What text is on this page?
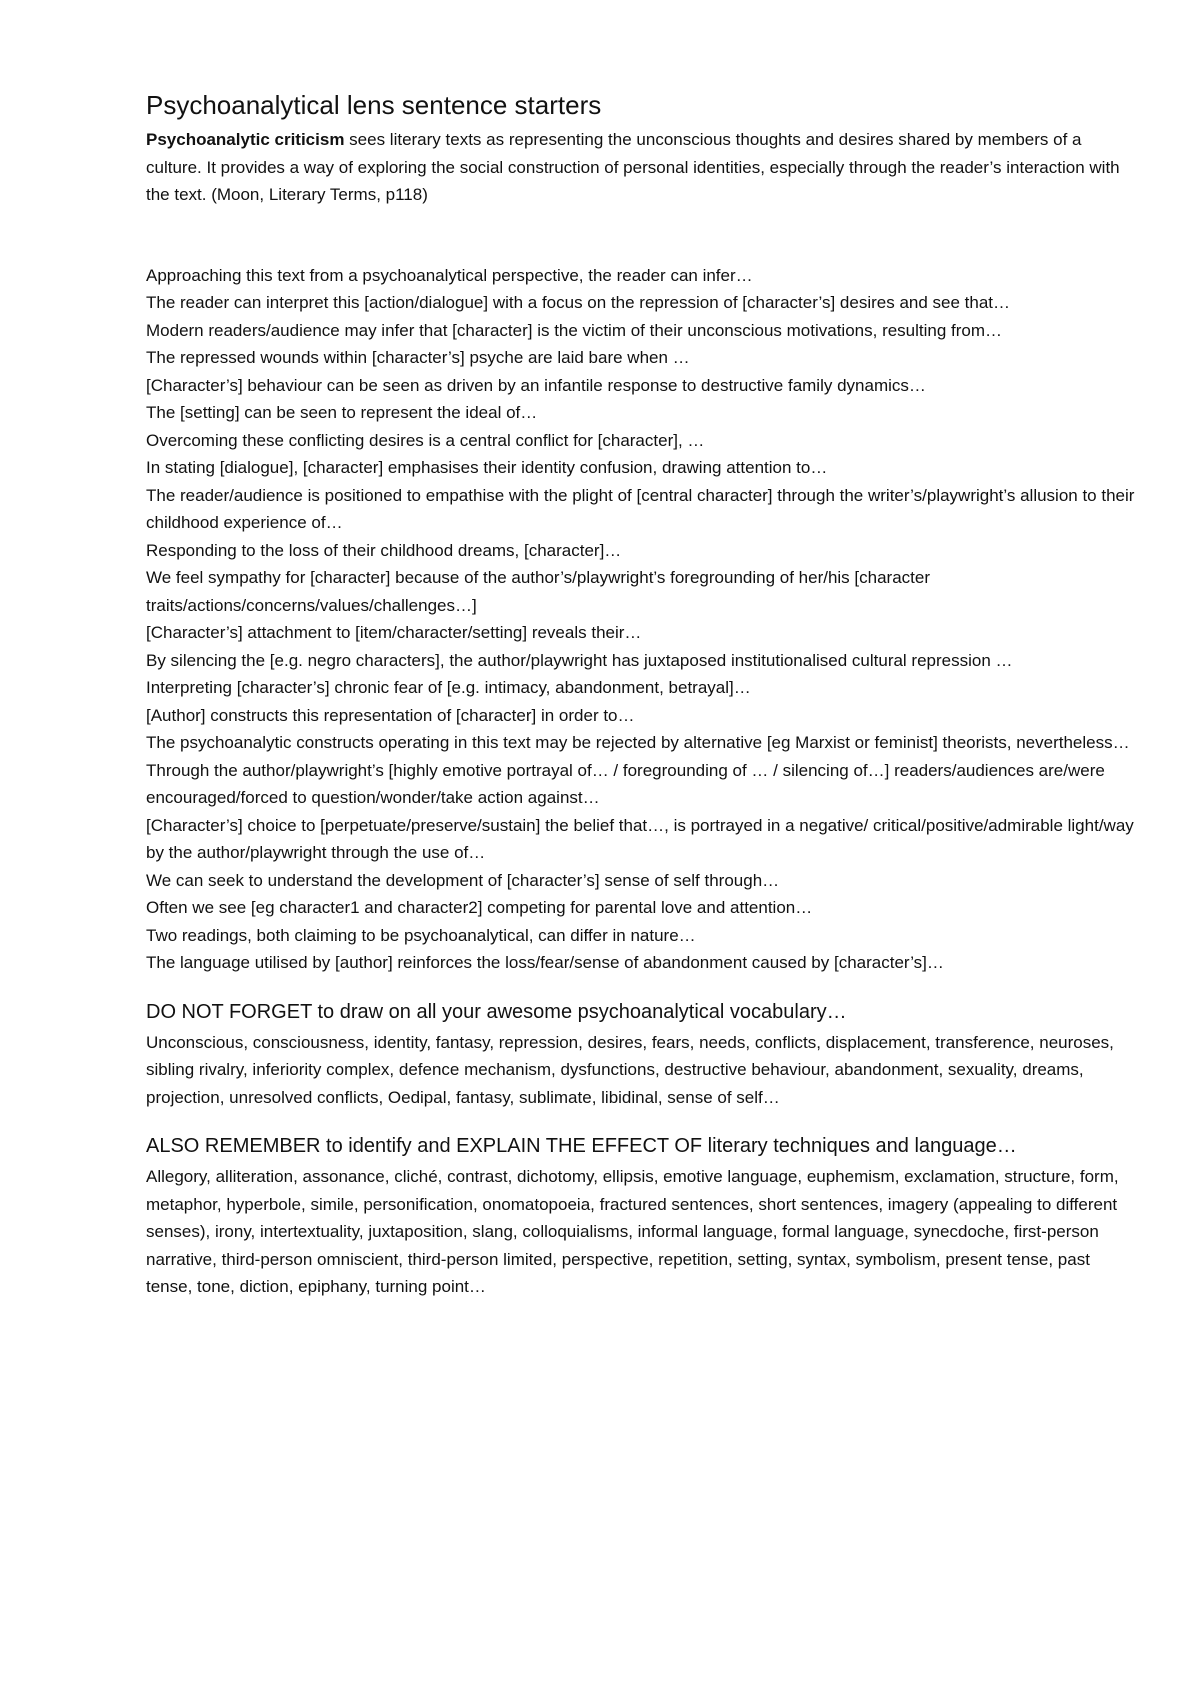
Psychoanalytical lens sentence starters

Psychoanalytic criticism sees literary texts as representing the unconscious thoughts and desires shared by members of a culture. It provides a way of exploring the social construction of personal identities, especially through the reader’s interaction with the text. (Moon, Literary Terms, p118)

Approaching this text from a psychoanalytical perspective, the reader can infer…
The reader can interpret this [action/dialogue] with a focus on the repression of [character’s] desires and see that…
Modern readers/audience may infer that [character] is the victim of their unconscious motivations, resulting from…
The repressed wounds within [character’s] psyche are laid bare when …
[Character’s] behaviour can be seen as driven by an infantile response to destructive family dynamics…
The [setting] can be seen to represent the ideal of…
Overcoming these conflicting desires is a central conflict for [character], …
In stating [dialogue], [character] emphasises their identity confusion, drawing attention to…
The reader/audience is positioned to empathise with the plight of [central character] through the writer’s/playwright’s allusion to their childhood experience of…
Responding to the loss of their childhood dreams, [character]…
We feel sympathy for [character] because of the author’s/playwright’s foregrounding of her/his [character traits/actions/concerns/values/challenges…]
[Character’s] attachment to [item/character/setting] reveals their…
By silencing the [e.g. negro characters], the author/playwright has juxtaposed institutionalised cultural repression …
Interpreting [character’s] chronic fear of [e.g. intimacy, abandonment, betrayal]…
[Author] constructs this representation of [character] in order to…
The psychoanalytic constructs operating in this text may be rejected by alternative [eg Marxist or feminist] theorists, nevertheless…
Through the author/playwright’s [highly emotive portrayal of… / foregrounding of … / silencing of…] readers/audiences are/were encouraged/forced to question/wonder/take action against…
[Character’s] choice to [perpetuate/preserve/sustain] the belief that…, is portrayed in a negative/ critical/positive/admirable light/way by the author/playwright through the use of…
We can seek to understand the development of [character’s] sense of self through…
Often we see [eg character1 and character2] competing for parental love and attention…
Two readings, both claiming to be psychoanalytical, can differ in nature…
The language utilised by [author] reinforces the loss/fear/sense of abandonment caused by [character’s]…
DO NOT FORGET to draw on all your awesome psychoanalytical vocabulary…

Unconscious, consciousness, identity, fantasy, repression, desires, fears, needs, conflicts, displacement, transference, neuroses, sibling rivalry, inferiority complex, defence mechanism, dysfunctions, destructive behaviour, abandonment, sexuality, dreams, projection, unresolved conflicts, Oedipal, fantasy, sublimate, libidinal, sense of self…

ALSO REMEMBER to identify and EXPLAIN THE EFFECT OF literary techniques and language…

Allegory, alliteration, assonance, cliché, contrast, dichotomy, ellipsis, emotive language, euphemism, exclamation, structure, form, metaphor, hyperbole, simile, personification, onomatopoeia, fractured sentences, short sentences, imagery (appealing to different senses), irony, intertextuality, juxtaposition, slang, colloquialisms, informal language, formal language, synecdoche, first-person narrative, third-person omniscient, third-person limited, perspective, repetition, setting, syntax, symbolism, present tense, past tense, tone, diction, epiphany, turning point…
